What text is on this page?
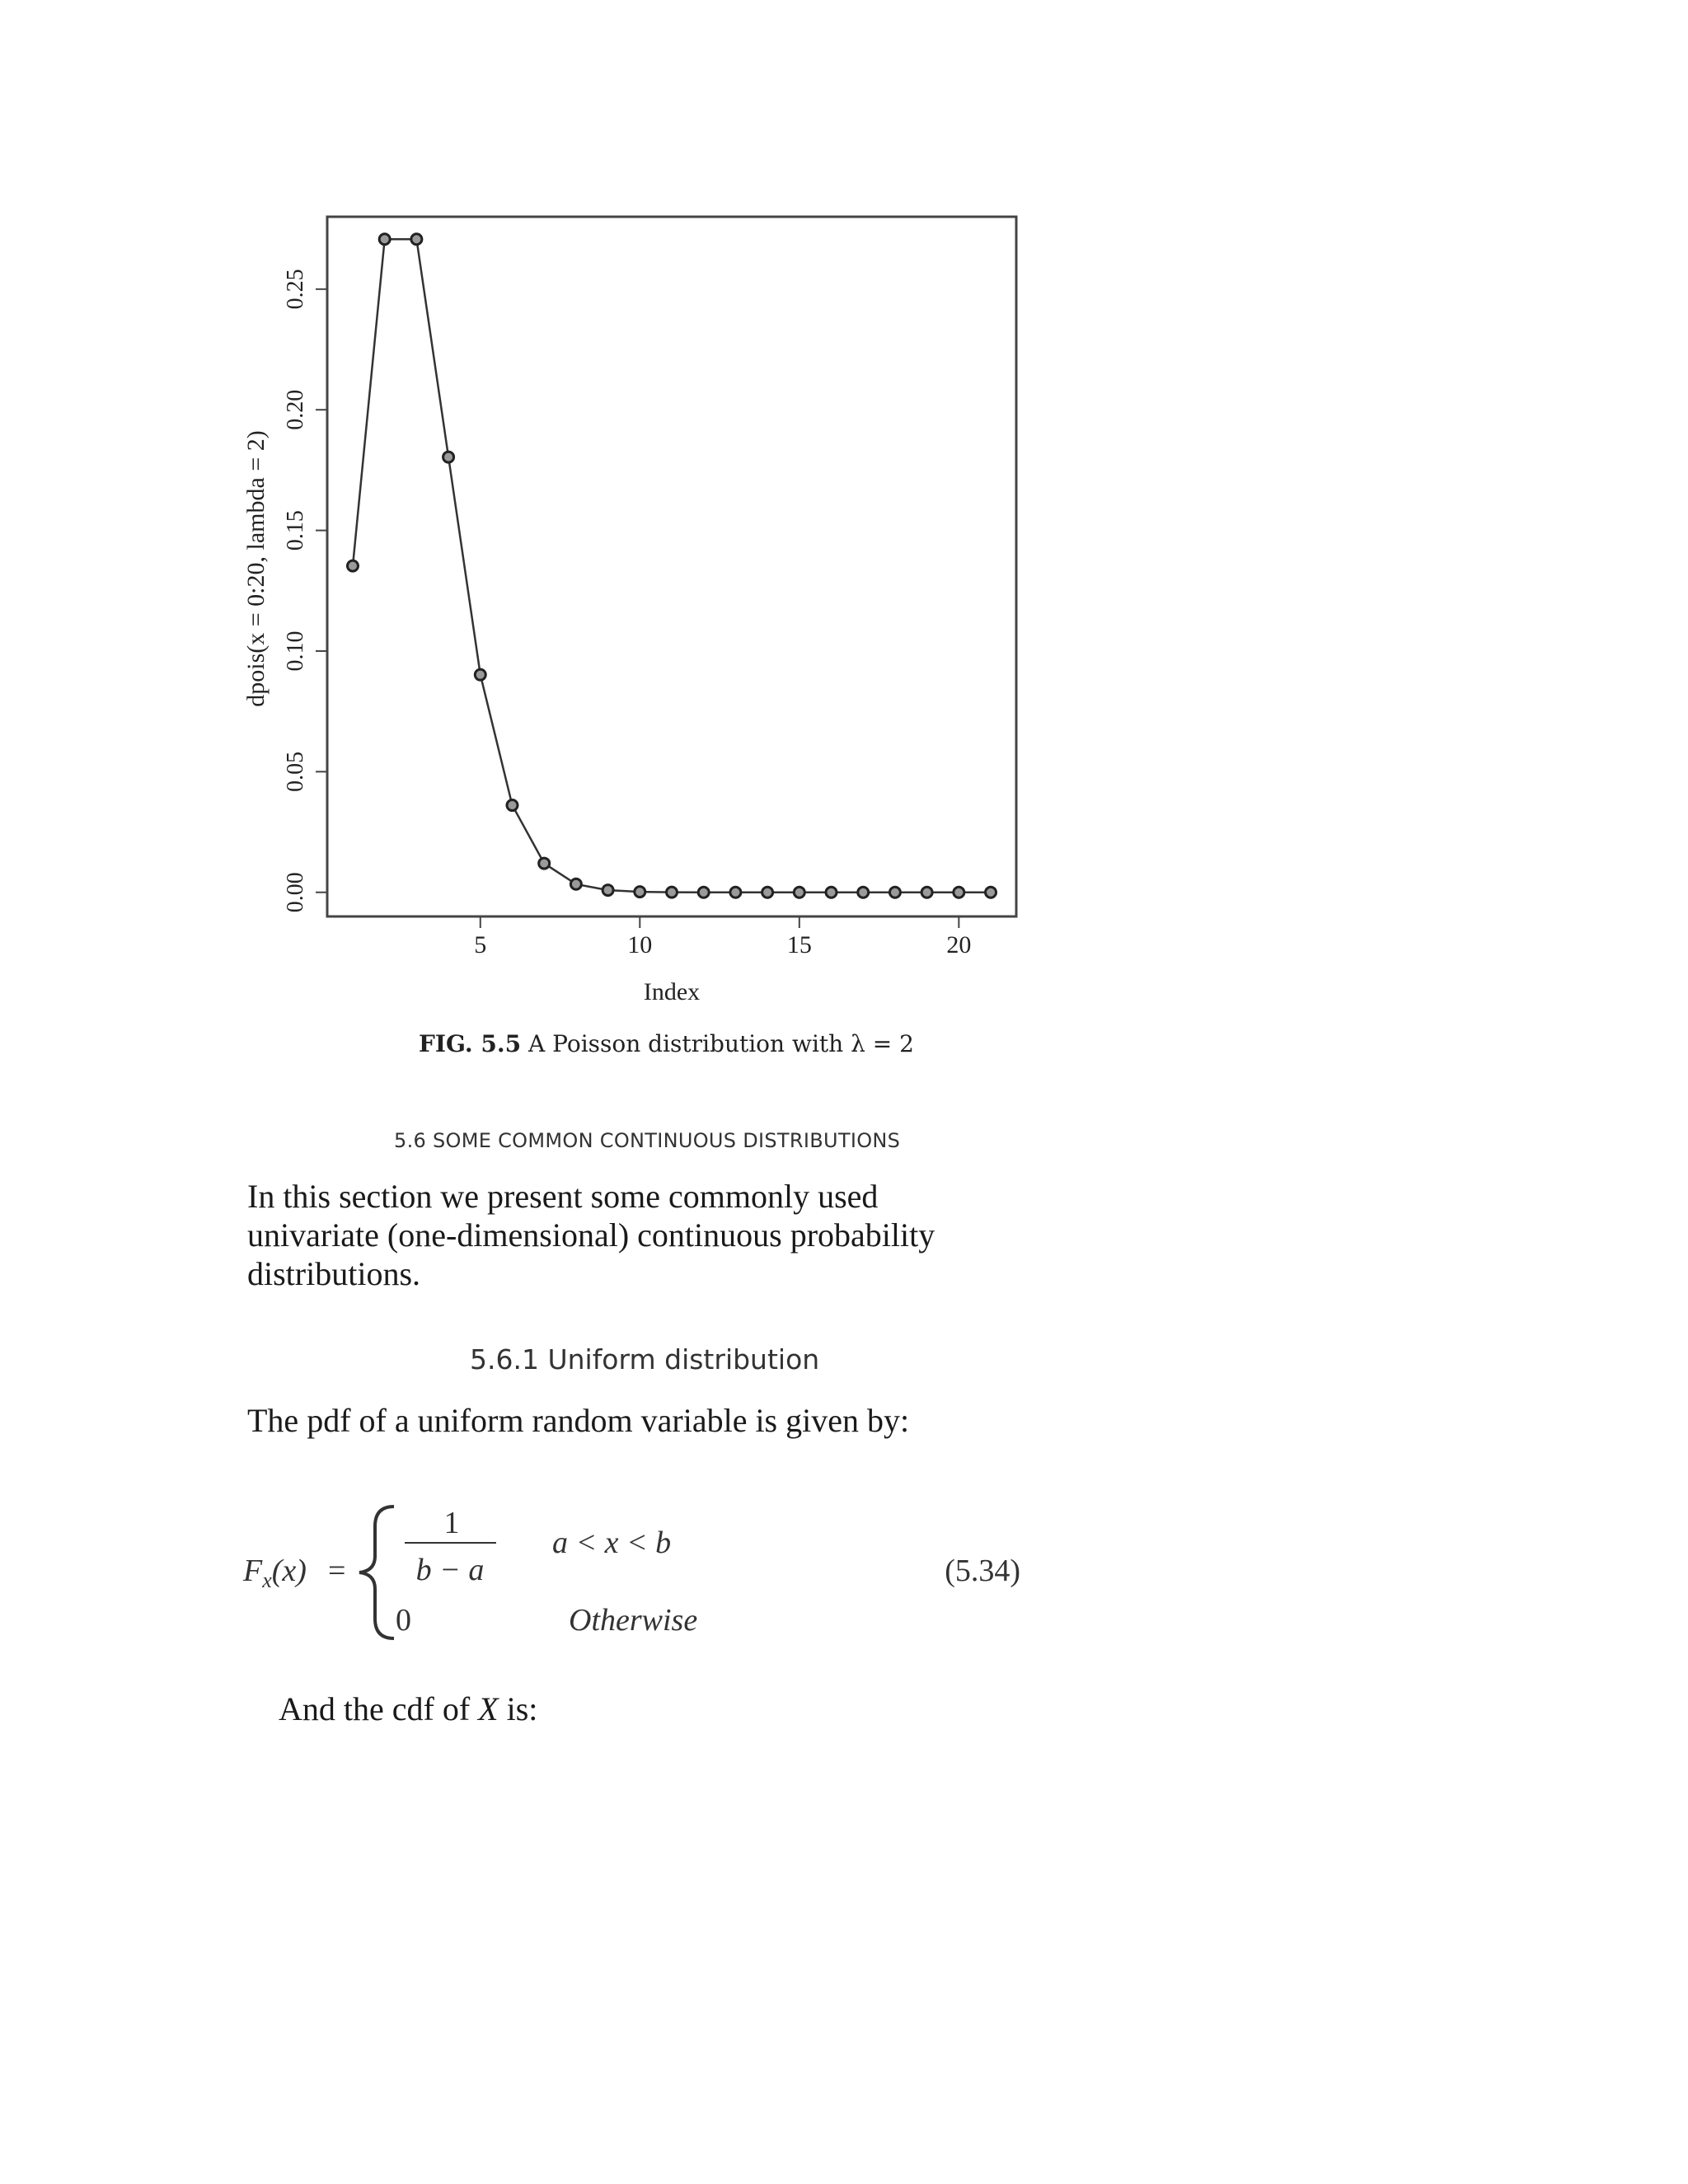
0.00
0.05
0.10
0.15
0.20
0.25
5	10	15	20
Index
dpois(x = 0:20, lambda = 2)
FIG. 5.5 A Poisson distribution with λ = 2
5.6 SOME COMMON CONTINUOUS DISTRIBUTIONS
In this section we present some commonly used univariate (one-dimensional) continuous probability distributions.
5.6.1 Uniform distribution
The pdf of a uniform random variable is given by:
$F_x(x)$ =
1
b − a
a < x < b
0	Otherwise
(5.34)
And the cdf of X is:
